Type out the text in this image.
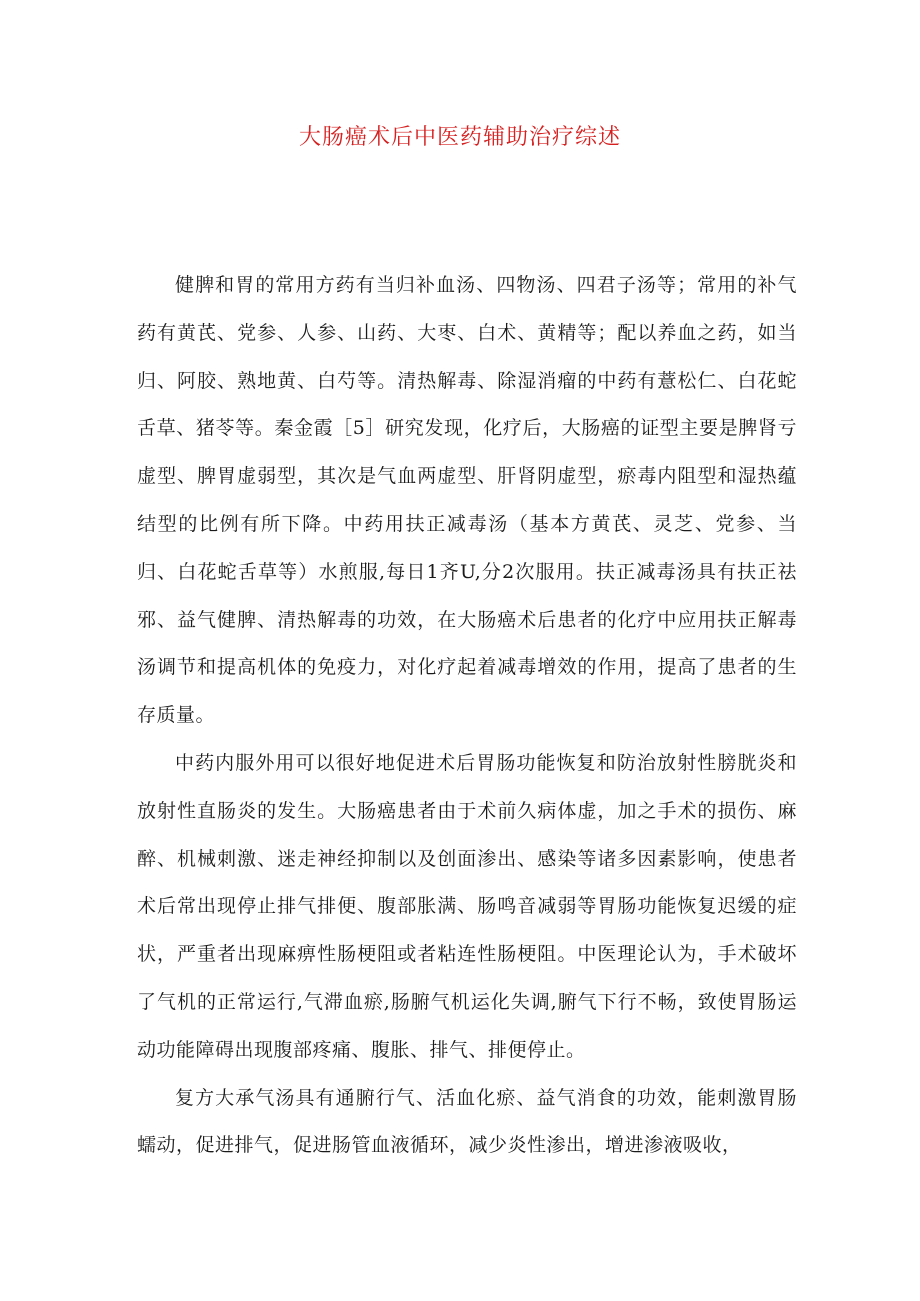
大肠癌术后中医药辅助治疗综述

健脾和胃的常用方药有当归补血汤、四物汤、四君子汤等；常用的补气药有黄芪、党参、人参、山药、大枣、白术、黄精等；配以养血之药，如当归、阿胶、熟地黄、白芍等。清热解毒、除湿消瘤的中药有薏松仁、白花蛇舌草、猪苓等。秦金霞［5］研究发现，化疗后，大肠癌的证型主要是脾肾亏虚型、脾胃虚弱型，其次是气血两虚型、肝肾阴虚型，瘀毒内阻型和湿热蕴结型的比例有所下降。中药用扶正减毒汤（基本方黄芪、灵芝、党参、当归、白花蛇舌草等）水煎服,每日1齐U,分2次服用。扶正减毒汤具有扶正祛邪、益气健脾、清热解毒的功效，在大肠癌术后患者的化疗中应用扶正解毒汤调节和提高机体的免疫力，对化疗起着减毒增效的作用，提高了患者的生存质量。

中药内服外用可以很好地促进术后胃肠功能恢复和防治放射性膀胱炎和放射性直肠炎的发生。大肠癌患者由于术前久病体虚，加之手术的损伤、麻醉、机械刺激、迷走神经抑制以及创面渗出、感染等诸多因素影响，使患者术后常出现停止排气排便、腹部胀满、肠鸣音减弱等胃肠功能恢复迟缓的症状，严重者出现麻痹性肠梗阻或者粘连性肠梗阻。中医理论认为，手术破坏了气机的正常运行,气滞血瘀,肠腑气机运化失调,腑气下行不畅，致使胃肠运动功能障碍出现腹部疼痛、腹胀、排气、排便停止。

复方大承气汤具有通腑行气、活血化瘀、益气消食的功效，能刺激胃肠蠕动，促进排气，促进肠管血液循环，减少炎性渗出，增进渗液吸收，
